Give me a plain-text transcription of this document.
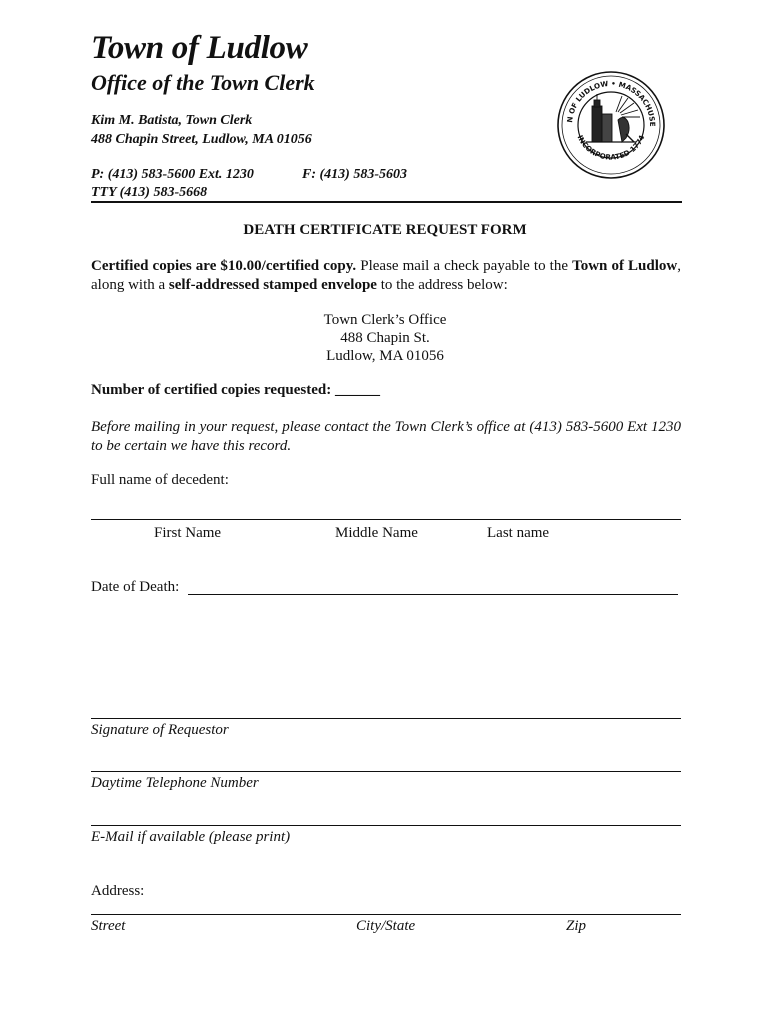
Town of Ludlow
Office of the Town Clerk
Kim M. Batista, Town Clerk
488 Chapin Street, Ludlow, MA 01056
P: (413) 583-5600 Ext. 1230	F: (413) 583-5603
TTY (413) 583-5668
N OF LUDLOW • MASSACHUSE
INCORPORATED 1774
DEATH CERTIFICATE REQUEST FORM
Certified copies are $10.00/certified copy. Please mail a check payable to the Town of Ludlow, along with a self-addressed stamped envelope to the address below:
Town Clerk’s Office
488 Chapin St.
Ludlow, MA 01056
Number of certified copies requested: ______
Before mailing in your request, please contact the Town Clerk’s office at (413) 583-5600 Ext 1230 to be certain we have this record.
Full name of decedent:
First Name	Middle Name	Last name
Date of Death:
Signature of Requestor
Daytime Telephone Number
E-Mail if available (please print)
Address:
Street	City/State	Zip
